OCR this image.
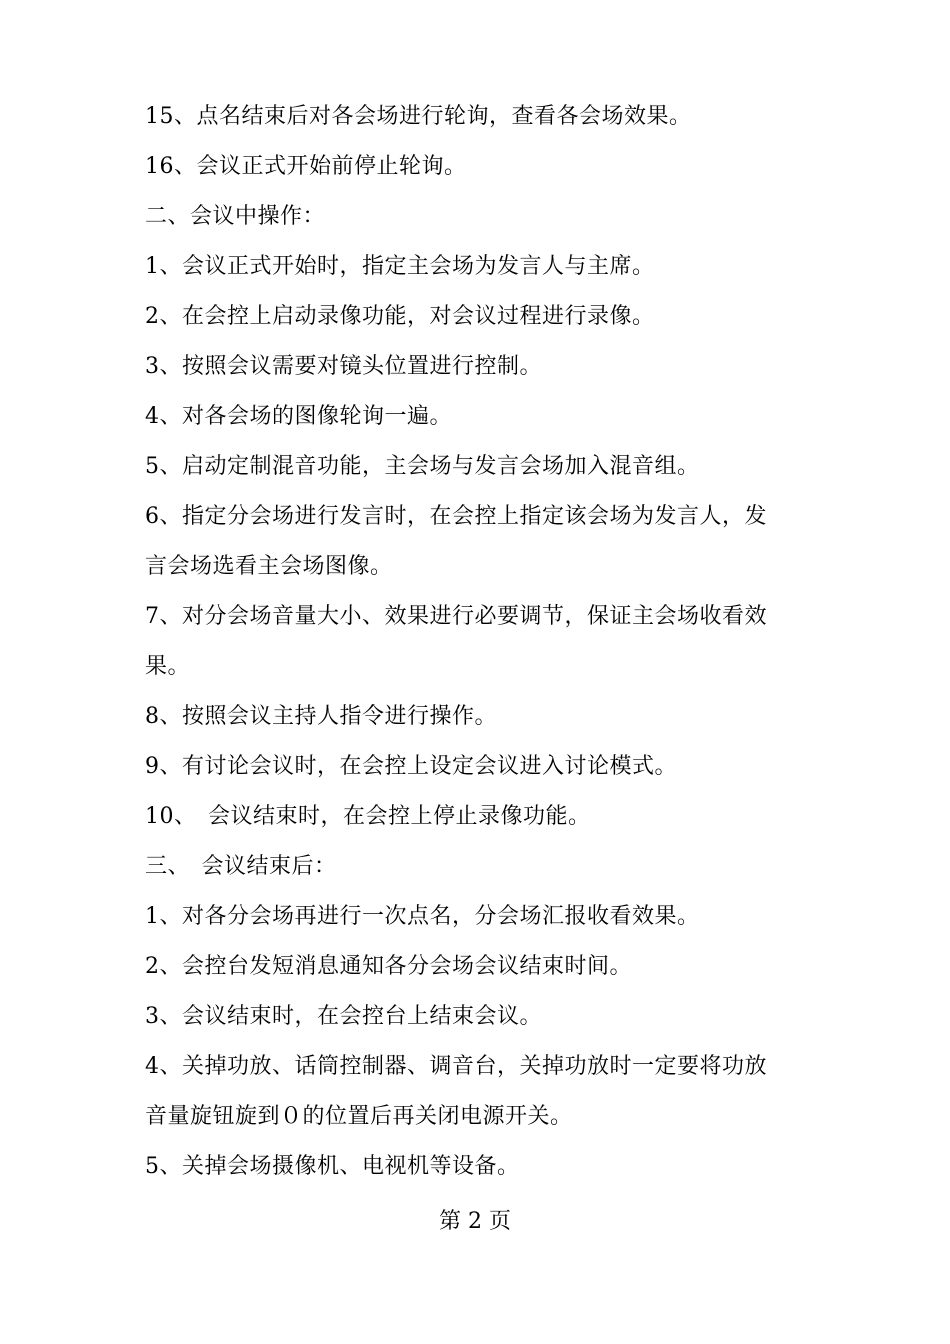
15、点名结束后对各会场进行轮询，查看各会场效果。
16、会议正式开始前停止轮询。
二、会议中操作：
1、会议正式开始时，指定主会场为发言人与主席。
2、在会控上启动录像功能，对会议过程进行录像。
3、按照会议需要对镜头位置进行控制。
4、对各会场的图像轮询一遍。
5、启动定制混音功能，主会场与发言会场加入混音组。
6、指定分会场进行发言时，在会控上指定该会场为发言人，发
言会场选看主会场图像。
7、对分会场音量大小、效果进行必要调节，保证主会场收看效
果。
8、按照会议主持人指令进行操作。
9、有讨论会议时，在会控上设定会议进入讨论模式。
10、　会议结束时，在会控上停止录像功能。
三、　会议结束后：
1、对各分会场再进行一次点名，分会场汇报收看效果。
2、会控台发短消息通知各分会场会议结束时间。
3、会议结束时，在会控台上结束会议。
4、关掉功放、话筒控制器、调音台，关掉功放时一定要将功放
音量旋钮旋到０的位置后再关闭电源开关。
5、关掉会场摄像机、电视机等设备。
第 2 页
